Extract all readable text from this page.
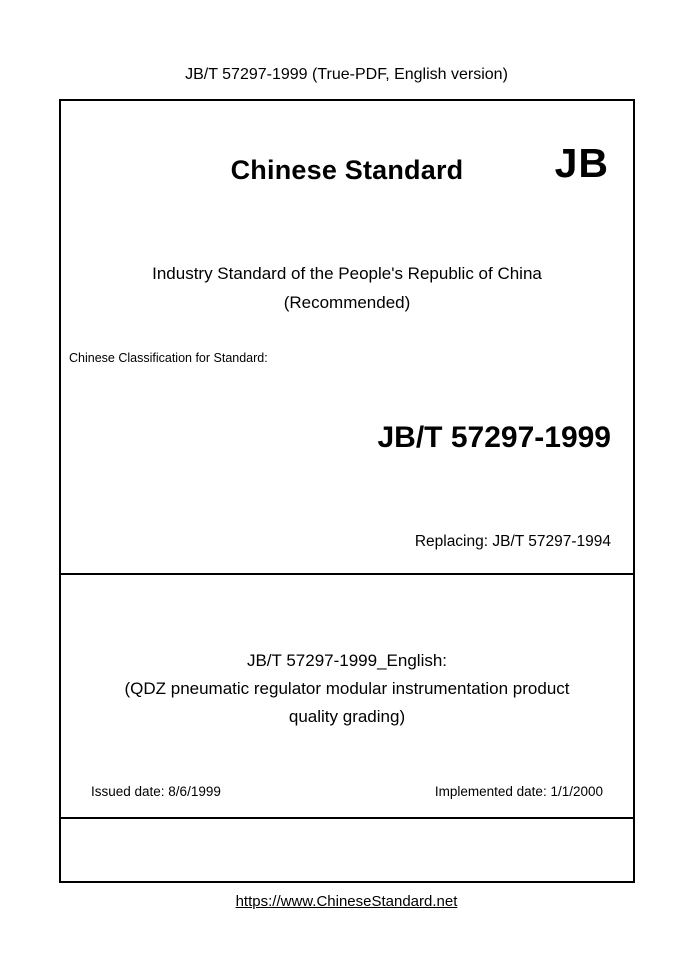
JB/T 57297-1999 (True-PDF, English version)
Chinese Standard	JB
Industry Standard of the People's Republic of China
(Recommended)
Chinese Classification for Standard:
JB/T 57297-1999
Replacing: JB/T 57297-1994
JB/T 57297-1999_English:
(QDZ pneumatic regulator modular instrumentation product
quality grading)
Issued date: 8/6/1999	Implemented date: 1/1/2000
https://www.ChineseStandard.net
